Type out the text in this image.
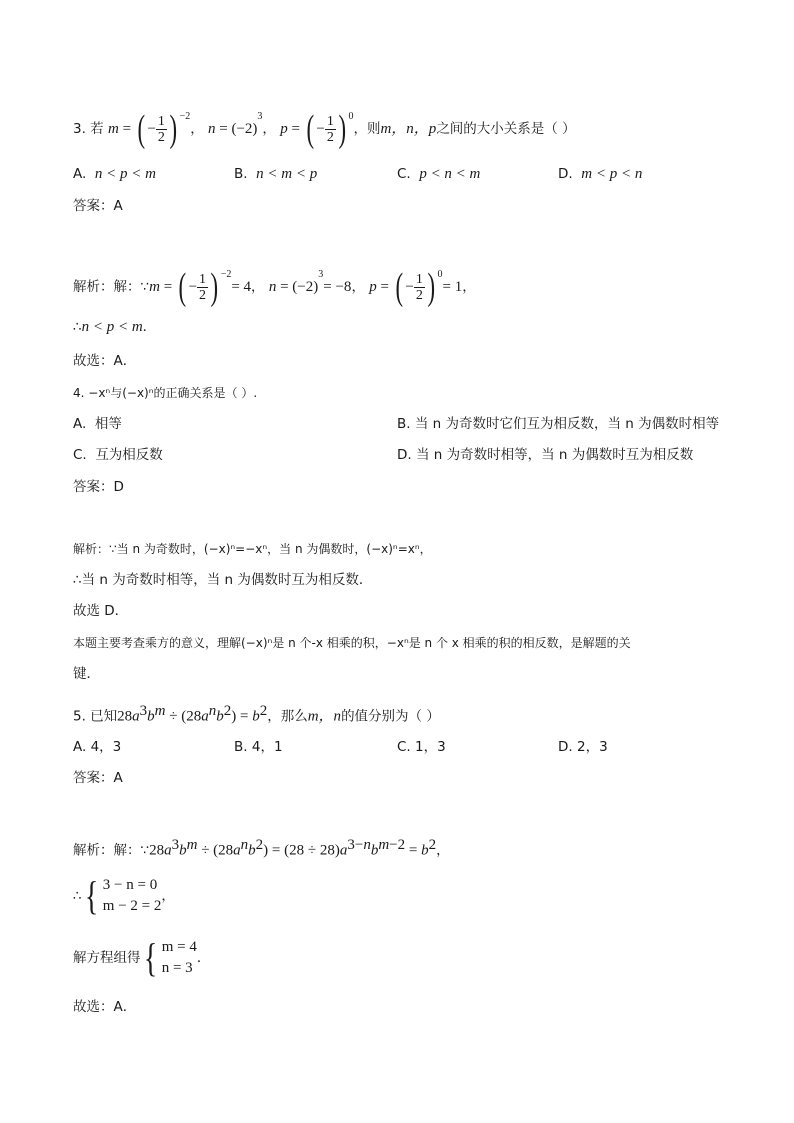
3. 若 m = ( − $\frac{1}{2}$ ) $^{-2}$， $n = (-2)^3$， p = ( − $\frac{1}{2}$ ) $^0$，则m，n，p之间的大小关系是（ ）
A. n < p < m	B. n < m < p	C. p < n < m	D. m < p < n
答案：A
解析：解：∵m = ( − $\frac{1}{2}$ ) $^{-2}$= 4， $n = (-2)^3= -8$， p = ( − $\frac{1}{2}$ ) $^0$= 1，
∴n < p < m．
故选：A．
4. −xⁿ与(−x)ⁿ的正确关系是（ ）.
A. 相等	B. 当 n 为奇数时它们互为相反数，当 n 为偶数时相等
C. 互为相反数	D. 当 n 为奇数时相等，当 n 为偶数时互为相反数
答案：D
解析：∵当 n 为奇数时，(−x)ⁿ=−xⁿ，当 n 为偶数时，(−x)ⁿ=xⁿ，
∴当 n 为奇数时相等，当 n 为偶数时互为相反数．
故选 D．
本题主要考查乘方的意义，理解(−x)ⁿ是 n 个-x 相乘的积，−xⁿ是 n 个 x 相乘的积的相反数，是解题的关
键．
5. 已知$28a^3b^m \div (28a^nb^2) = b^2$，那么m，n的值分别为（ ）
A. 4，3	B. 4，1	C. 1，3	D. 2，3
答案：A
解析：解：$\because 28a^3b^m \div (28a^nb^2) = (28 \div 28)a^{3-n}b^{m-2} = b^2$，
∴{ 3 − n = 0
m − 2 = 2
，
解方程组得{ m = 4
n = 3
．
故选：A．
